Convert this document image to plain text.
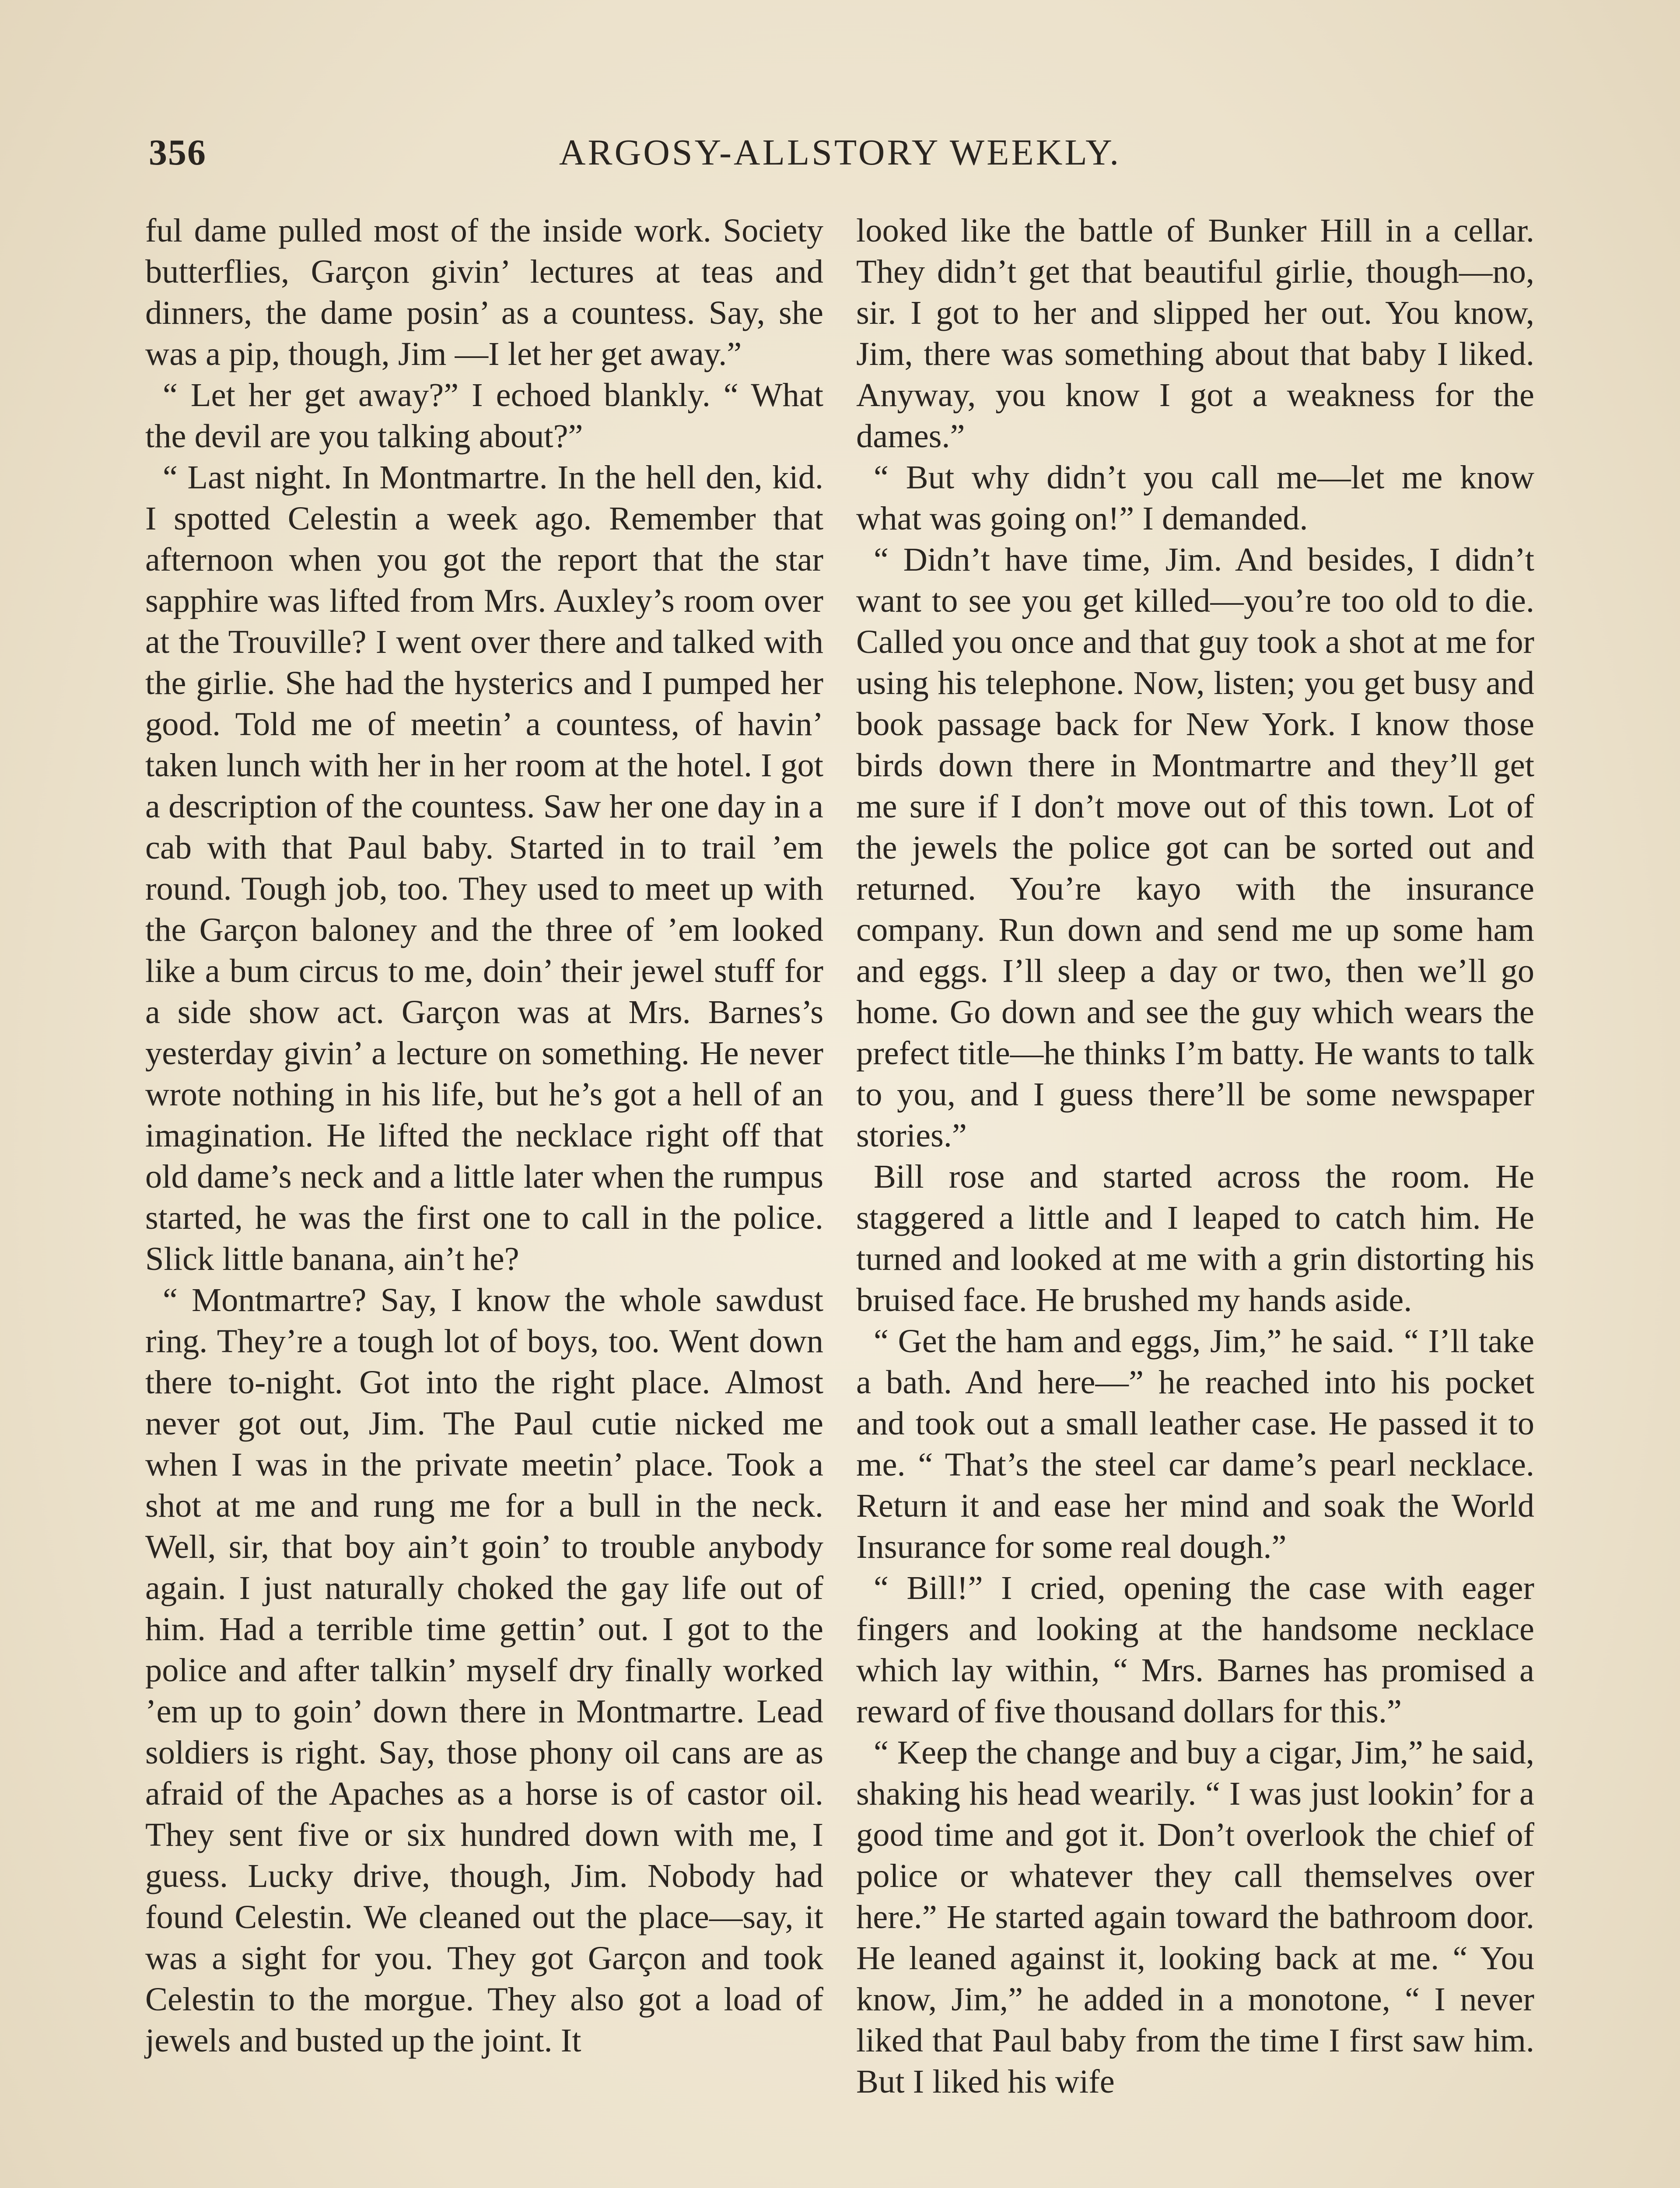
356	ARGOSY-ALLSTORY WEEKLY.

ful dame pulled most of the inside work. Society butterflies, Garçon givin’ lectures at teas and dinners, the dame posin’ as a countess. Say, she was a pip, though, Jim —I let her get away.”

“ Let her get away?” I echoed blankly. “ What the devil are you talking about?”

“ Last night. In Montmartre. In the hell den, kid. I spotted Celestin a week ago. Remember that afternoon when you got the report that the star sapphire was lifted from Mrs. Auxley’s room over at the Trouville? I went over there and talked with the girlie. She had the hysterics and I pumped her good. Told me of meetin’ a countess, of havin’ taken lunch with her in her room at the hotel. I got a description of the countess. Saw her one day in a cab with that Paul baby. Started in to trail ’em round. Tough job, too. They used to meet up with the Garçon baloney and the three of ’em looked like a bum circus to me, doin’ their jewel stuff for a side show act. Garçon was at Mrs. Barnes’s yesterday givin’ a lecture on something. He never wrote nothing in his life, but he’s got a hell of an imagination. He lifted the necklace right off that old dame’s neck and a little later when the rumpus started, he was the first one to call in the police. Slick little banana, ain’t he?

“ Montmartre? Say, I know the whole sawdust ring. They’re a tough lot of boys, too. Went down there to-night. Got into the right place. Almost never got out, Jim. The Paul cutie nicked me when I was in the private meetin’ place. Took a shot at me and rung me for a bull in the neck. Well, sir, that boy ain’t goin’ to trouble anybody again. I just naturally choked the gay life out of him. Had a terrible time gettin’ out. I got to the police and after talkin’ myself dry finally worked ’em up to goin’ down there in Montmartre. Lead soldiers is right. Say, those phony oil cans are as afraid of the Apaches as a horse is of castor oil. They sent five or six hundred down with me, I guess. Lucky drive, though, Jim. Nobody had found Celestin. We cleaned out the place—say, it was a sight for you. They got Garçon and took Celestin to the morgue. They also got a load of jewels and busted up the joint. It

looked like the battle of Bunker Hill in a cellar. They didn’t get that beautiful girlie, though—no, sir. I got to her and slipped her out. You know, Jim, there was something about that baby I liked. Anyway, you know I got a weakness for the dames.”

“ But why didn’t you call me—let me know what was going on!” I demanded.

“ Didn’t have time, Jim. And besides, I didn’t want to see you get killed—you’re too old to die. Called you once and that guy took a shot at me for using his telephone. Now, listen; you get busy and book passage back for New York. I know those birds down there in Montmartre and they’ll get me sure if I don’t move out of this town. Lot of the jewels the police got can be sorted out and returned. You’re kayo with the insurance company. Run down and send me up some ham and eggs. I’ll sleep a day or two, then we’ll go home. Go down and see the guy which wears the prefect title—he thinks I’m batty. He wants to talk to you, and I guess there’ll be some newspaper stories.”

Bill rose and started across the room. He staggered a little and I leaped to catch him. He turned and looked at me with a grin distorting his bruised face. He brushed my hands aside.

“ Get the ham and eggs, Jim,” he said. “ I’ll take a bath. And here—” he reached into his pocket and took out a small leather case. He passed it to me. “ That’s the steel car dame’s pearl necklace. Return it and ease her mind and soak the World Insurance for some real dough.”

“ Bill!” I cried, opening the case with eager fingers and looking at the handsome necklace which lay within, “ Mrs. Barnes has promised a reward of five thousand dollars for this.”

“ Keep the change and buy a cigar, Jim,” he said, shaking his head wearily. “ I was just lookin’ for a good time and got it. Don’t overlook the chief of police or whatever they call themselves over here.” He started again toward the bathroom door. He leaned against it, looking back at me. “ You know, Jim,” he added in a monotone, “ I never liked that Paul baby from the time I first saw him. But I liked his wife
